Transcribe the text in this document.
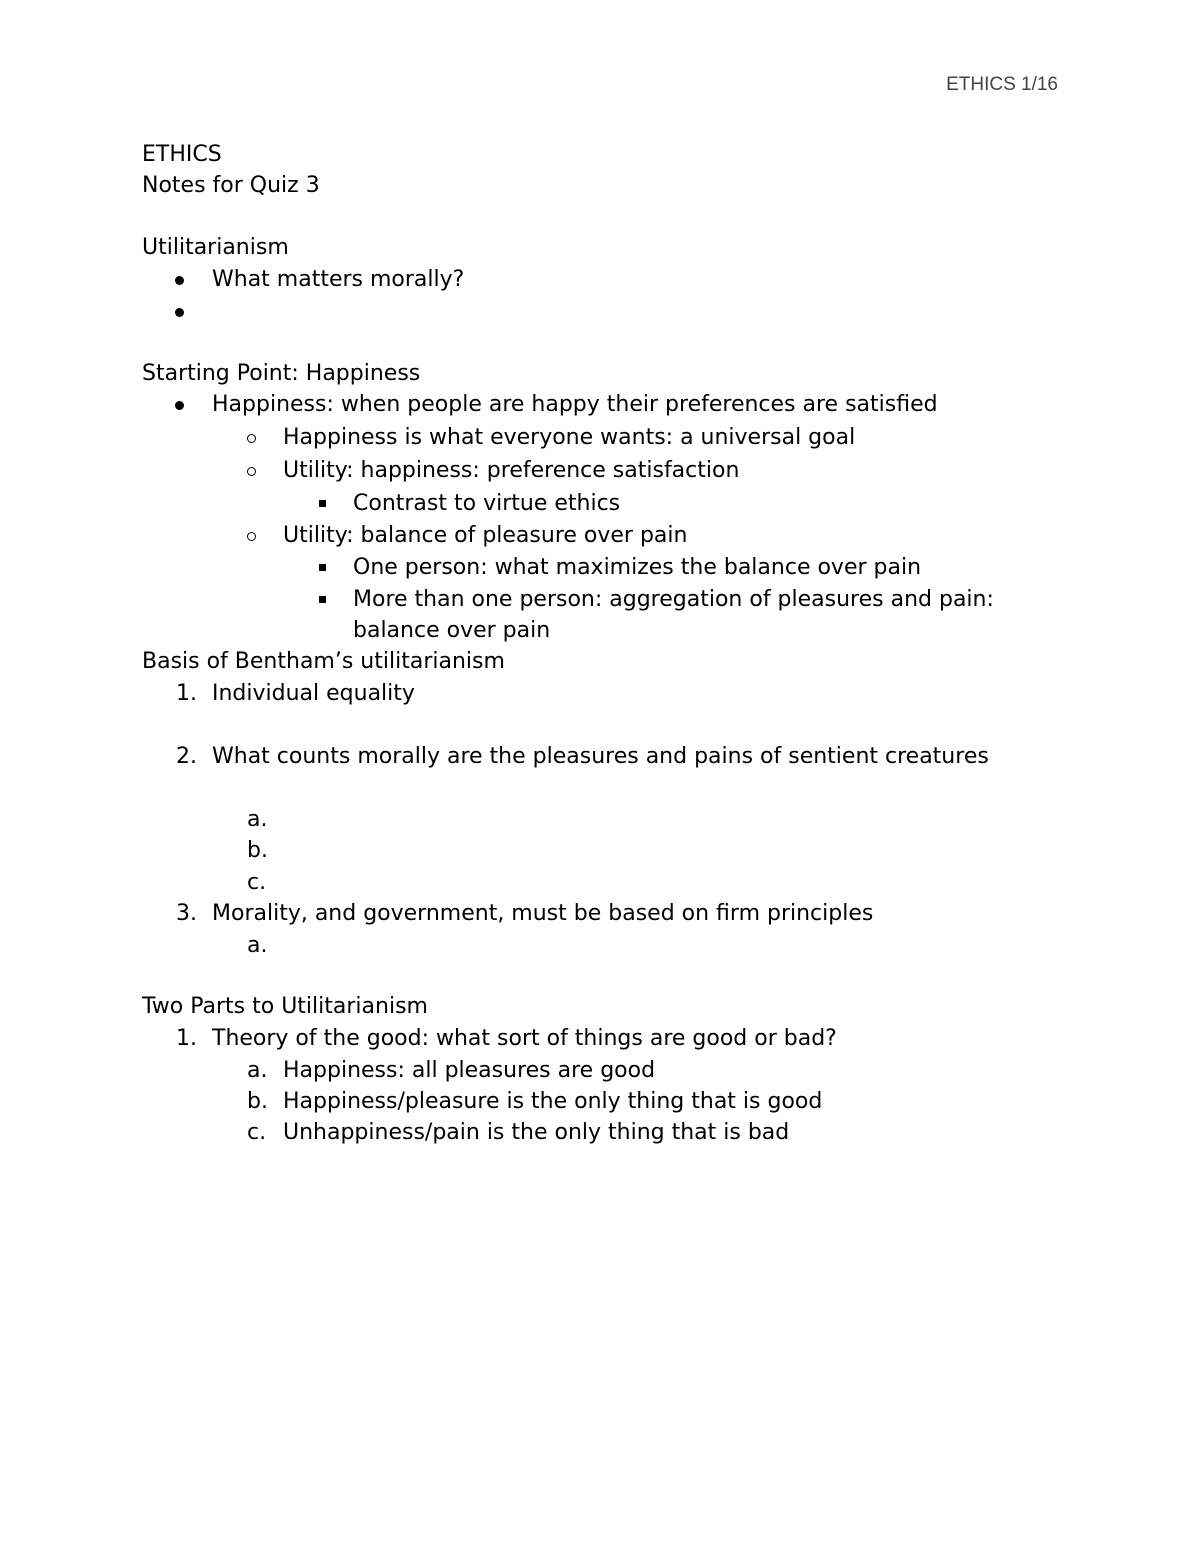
ETHICS 1/16
ETHICS
Notes for Quiz 3
Utilitarianism
What matters morally?
Starting Point: Happiness
Happiness: when people are happy their preferences are satisfied
Happiness is what everyone wants: a universal goal
Utility: happiness: preference satisfaction
Contrast to virtue ethics
Utility: balance of pleasure over pain
One person: what maximizes the balance over pain
More than one person: aggregation of pleasures and pain:
balance over pain
Basis of Bentham’s utilitarianism
1. Individual equality
2. What counts morally are the pleasures and pains of sentient creatures
a.
b.
c.
3. Morality, and government, must be based on firm principles
a.
Two Parts to Utilitarianism
1. Theory of the good: what sort of things are good or bad?
a. Happiness: all pleasures are good
b. Happiness/pleasure is the only thing that is good
c. Unhappiness/pain is the only thing that is bad
